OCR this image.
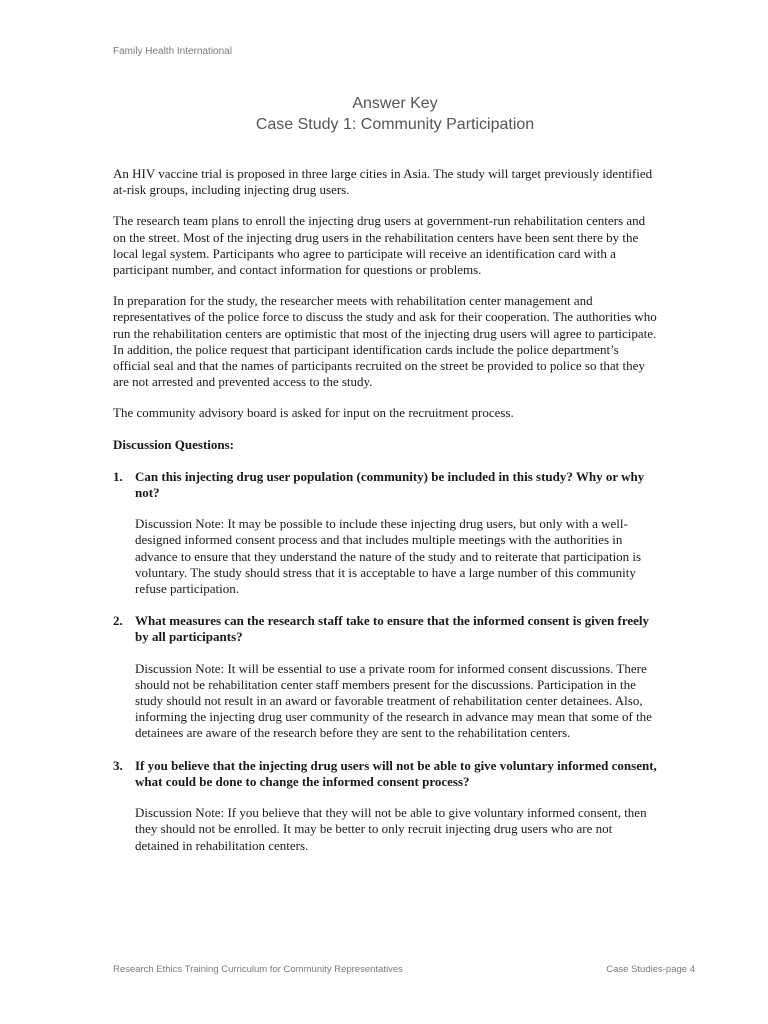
Family Health International
Answer Key
Case Study 1: Community Participation

An HIV vaccine trial is proposed in three large cities in Asia. The study will target previously identified at-risk groups, including injecting drug users.

The research team plans to enroll the injecting drug users at government-run rehabilitation centers and on the street. Most of the injecting drug users in the rehabilitation centers have been sent there by the local legal system. Participants who agree to participate will receive an identification card with a participant number, and contact information for questions or problems.

In preparation for the study, the researcher meets with rehabilitation center management and representatives of the police force to discuss the study and ask for their cooperation. The authorities who run the rehabilitation centers are optimistic that most of the injecting drug users will agree to participate. In addition, the police request that participant identification cards include the police department’s official seal and that the names of participants recruited on the street be provided to police so that they are not arrested and prevented access to the study.

The community advisory board is asked for input on the recruitment process.

Discussion Questions:
1. Can this injecting drug user population (community) be included in this study? Why or why not?
Discussion Note: It may be possible to include these injecting drug users, but only with a well-designed informed consent process and that includes multiple meetings with the authorities in advance to ensure that they understand the nature of the study and to reiterate that participation is voluntary. The study should stress that it is acceptable to have a large number of this community refuse participation.
2. What measures can the research staff take to ensure that the informed consent is given freely by all participants?
Discussion Note: It will be essential to use a private room for informed consent discussions. There should not be rehabilitation center staff members present for the discussions. Participation in the study should not result in an award or favorable treatment of rehabilitation center detainees. Also, informing the injecting drug user community of the research in advance may mean that some of the detainees are aware of the research before they are sent to the rehabilitation centers.
3. If you believe that the injecting drug users will not be able to give voluntary informed consent, what could be done to change the informed consent process?
Discussion Note: If you believe that they will not be able to give voluntary informed consent, then they should not be enrolled. It may be better to only recruit injecting drug users who are not detained in rehabilitation centers.
Research Ethics Training Curriculum for Community Representatives	Case Studies-page 4
